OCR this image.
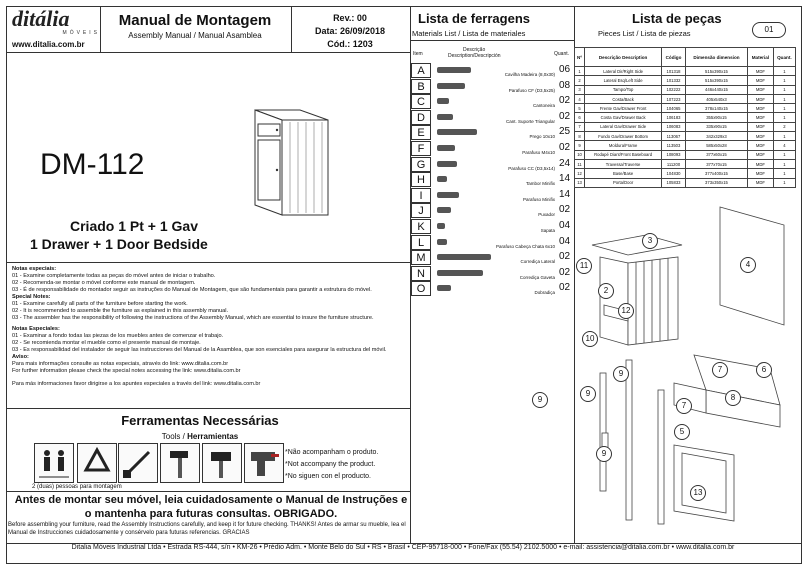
ditália
MÓVEIS
www.ditalia.com.br
Manual de Montagem
Assembly Manual / Manual Asamblea
Rev.: 00
Data: 26/09/2018
Cód.: 1203
DM-112
Criado 1 Pt + 1 Gav
1 Drawer + 1 Door Bedside
Notas especiais:
01 - Examine completamente todas as peças do móvel antes de iniciar o trabalho.
02 - Recomenda-se montar o móvel conforme este manual de montagem.
03 - É de responsabilidade do montador seguir as instruções do Manual de Montagem, que são fundamentais para garantir a estrutura do móvel.
Special Notes:
01 - Examine carefully all parts of the furniture before starting the work.
02 - It is recommended to assemble the furniture as explained in this assembly manual.
03 - The assembler has the responsibility of following the instructions of the Assembly Manual, which are essential to insure the furniture structure.
Notas Especiales:
01 - Examinar a fondo todas las piezas de los muebles antes de comenzar el trabajo.
02 - Se recomienda montar el mueble como el presente manual de montaje.
03 - Es responsabilidad del instalador de seguir las instrucciones del Manual de la Asamblea, que son esenciales para asegurar la estructura del móvil.
Aviso:
Para mais informações consulte as notas especiais, através do link: www.ditalia.com.br
For further information please check the special notes accessing the link: www.ditalia.com.br
Para más informaciones favor dirigirse a los apuntes especiales a través del link: www.ditalia.com.br
Ferramentas Necessárias
Tools / Herramientas
*Não acompanham o produto.
*Not accompany the product.
*No siguen con el producto.
2 (duas) pessoas para montagem
Antes de montar seu móvel, leia cuidadosamente o Manual de Instruções e
o mantenha para futuras consultas. OBRIGADO.
Before assembling your furniture, read the Assembly Instructions carefully, and keep it for future checking. THANKS! Antes de armar su mueble, lea el Manual de Instrucciones cuidadosamente y consérvelo para futuras referencias. GRACIAS
Ditalia Móveis Industrial Ltda • Estrada RS-444, s/n • KM-26 • Prédio Adm. • Monte Belo do Sul • RS • Brasil • CEP-95718-000 • Fone/Fax (55.54) 2102.5000 • e-mail: assistencia@ditalia.com.br • www.ditalia.com.br
Lista de ferragens
Materials List / Lista de materiales
Item
Descrição
Description/Descripción	Quant.
A	Cavilha Madeira (8,0x30) 06
B	Parafuso CF (D3,5x25) 08
C	Cantoneira 02
D	Cant. Suporte Triangular 02
E	Prego 10x10 25
F	Parafuso M4x10 02
G	Parafuso CC (D3,5x14) 24
H	Tambor Minifix 14
I	Parafuso Minifix 14
J	Puxador 02
K	Sapata 04
L	Parafuso Cabeça Chata 6x10 04
M	Corrediça Lateral 02
N	Corrediça Gaveta 02
O	Dobradiça 02
Lista de peças
Pieces List / Lista de piezas	01
Nº	Descrição Description	Código	Dimensão dimension	Material	Quant.
1	Lateral Dir/Right Side	101318	515x390x15	MDF	1
2	Lateral Esq/Left Side	101332	515x390x15	MDF	1
3	Tampo/Top	102222	446x440x15	MDF	1
4	Costa/Back	107223	405x540x3	MDF	1
5	Frente Gav/Drawer Front	104065	378x140x15	MDF	1
6	Costa Gav/Drawer Back	106183	355x90x15	MDF	1
7	Lateral Gav/Drawer Side	106083	335x90x15	MDF	2
8	Fundo Gav/Drawer Bottom	113067	342x329x3	MDF	1
9	Moldura/Frame	113503	585x50x28	MDF	4
10	Rodapé Diant/Front Baseboard	108093	377x60x15	MDF	1
11	Travessa/Traverse	111200	377x70x15	MDF	1
12	Base/Base	104830	377x400x15	MDF	1
13	Porta/Door	105833	373x350x15	MDF	1
3
4
11
2
12
10
9
9
9
9
7	6
8
7
5
13
